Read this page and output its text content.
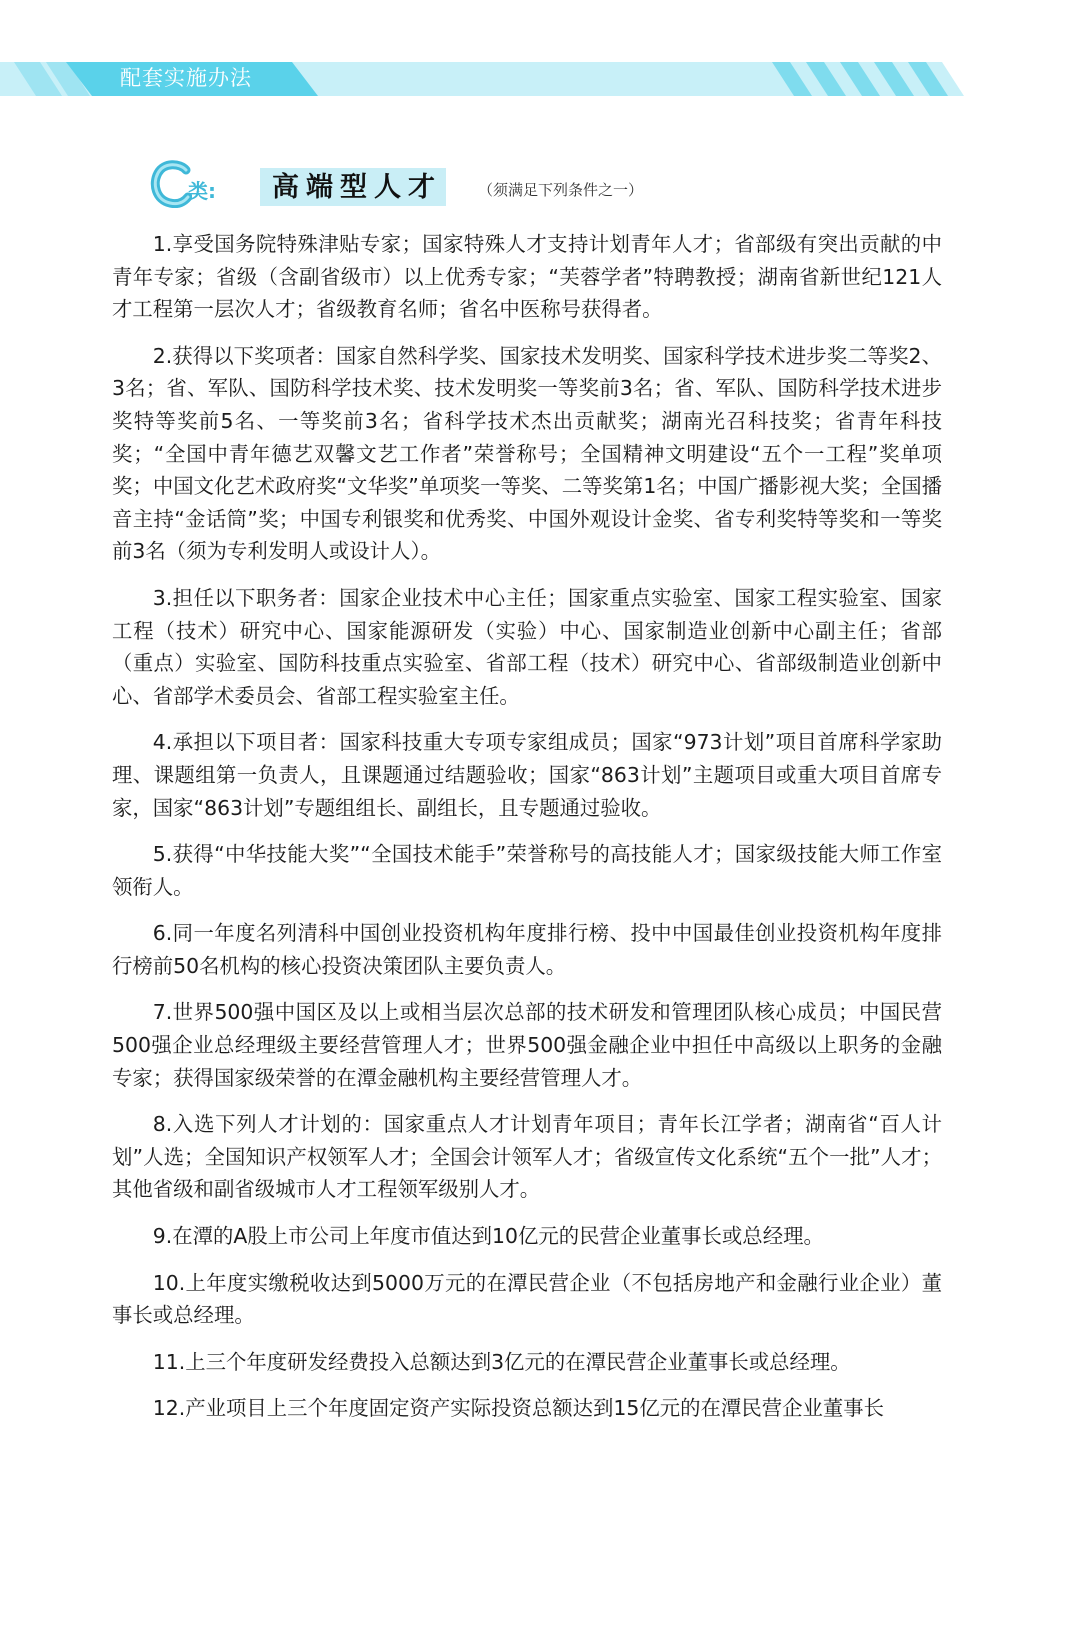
配套实施办法
类: 高端型人才 （须满足下列条件之一）

1.享受国务院特殊津贴专家；国家特殊人才支持计划青年人才；省部级有突出贡献的中青年专家；省级（含副省级市）以上优秀专家；“芙蓉学者”特聘教授；湖南省新世纪121人才工程第一层次人才；省级教育名师；省名中医称号获得者。

2.获得以下奖项者：国家自然科学奖、国家技术发明奖、国家科学技术进步奖二等奖2、3名；省、军队、国防科学技术奖、技术发明奖一等奖前3名；省、军队、国防科学技术进步奖特等奖前5名、一等奖前3名；省科学技术杰出贡献奖；湖南光召科技奖；省青年科技奖；“全国中青年德艺双馨文艺工作者”荣誉称号；全国精神文明建设“五个一工程”奖单项奖；中国文化艺术政府奖“文华奖”单项奖一等奖、二等奖第1名；中国广播影视大奖；全国播音主持“金话筒”奖；中国专利银奖和优秀奖、中国外观设计金奖、省专利奖特等奖和一等奖前3名（须为专利发明人或设计人）。

3.担任以下职务者：国家企业技术中心主任；国家重点实验室、国家工程实验室、国家工程（技术）研究中心、国家能源研发（实验）中心、国家制造业创新中心副主任；省部（重点）实验室、国防科技重点实验室、省部工程（技术）研究中心、省部级制造业创新中心、省部学术委员会、省部工程实验室主任。

4.承担以下项目者：国家科技重大专项专家组成员；国家“973计划”项目首席科学家助理、课题组第一负责人，且课题通过结题验收；国家“863计划”主题项目或重大项目首席专家，国家“863计划”专题组组长、副组长，且专题通过验收。

5.获得“中华技能大奖”“全国技术能手”荣誉称号的高技能人才；国家级技能大师工作室领衔人。

6.同一年度名列清科中国创业投资机构年度排行榜、投中中国最佳创业投资机构年度排行榜前50名机构的核心投资决策团队主要负责人。

7.世界500强中国区及以上或相当层次总部的技术研发和管理团队核心成员；中国民营500强企业总经理级主要经营管理人才；世界500强金融企业中担任中高级以上职务的金融专家；获得国家级荣誉的在潭金融机构主要经营管理人才。

8.入选下列人才计划的：国家重点人才计划青年项目；青年长江学者；湖南省“百人计划”人选；全国知识产权领军人才；全国会计领军人才；省级宣传文化系统“五个一批”人才；其他省级和副省级城市人才工程领军级别人才。

9.在潭的A股上市公司上年度市值达到10亿元的民营企业董事长或总经理。

10.上年度实缴税收达到5000万元的在潭民营企业（不包括房地产和金融行业企业）董事长或总经理。

11.上三个年度研发经费投入总额达到3亿元的在潭民营企业董事长或总经理。

12.产业项目上三个年度固定资产实际投资总额达到15亿元的在潭民营企业董事长
